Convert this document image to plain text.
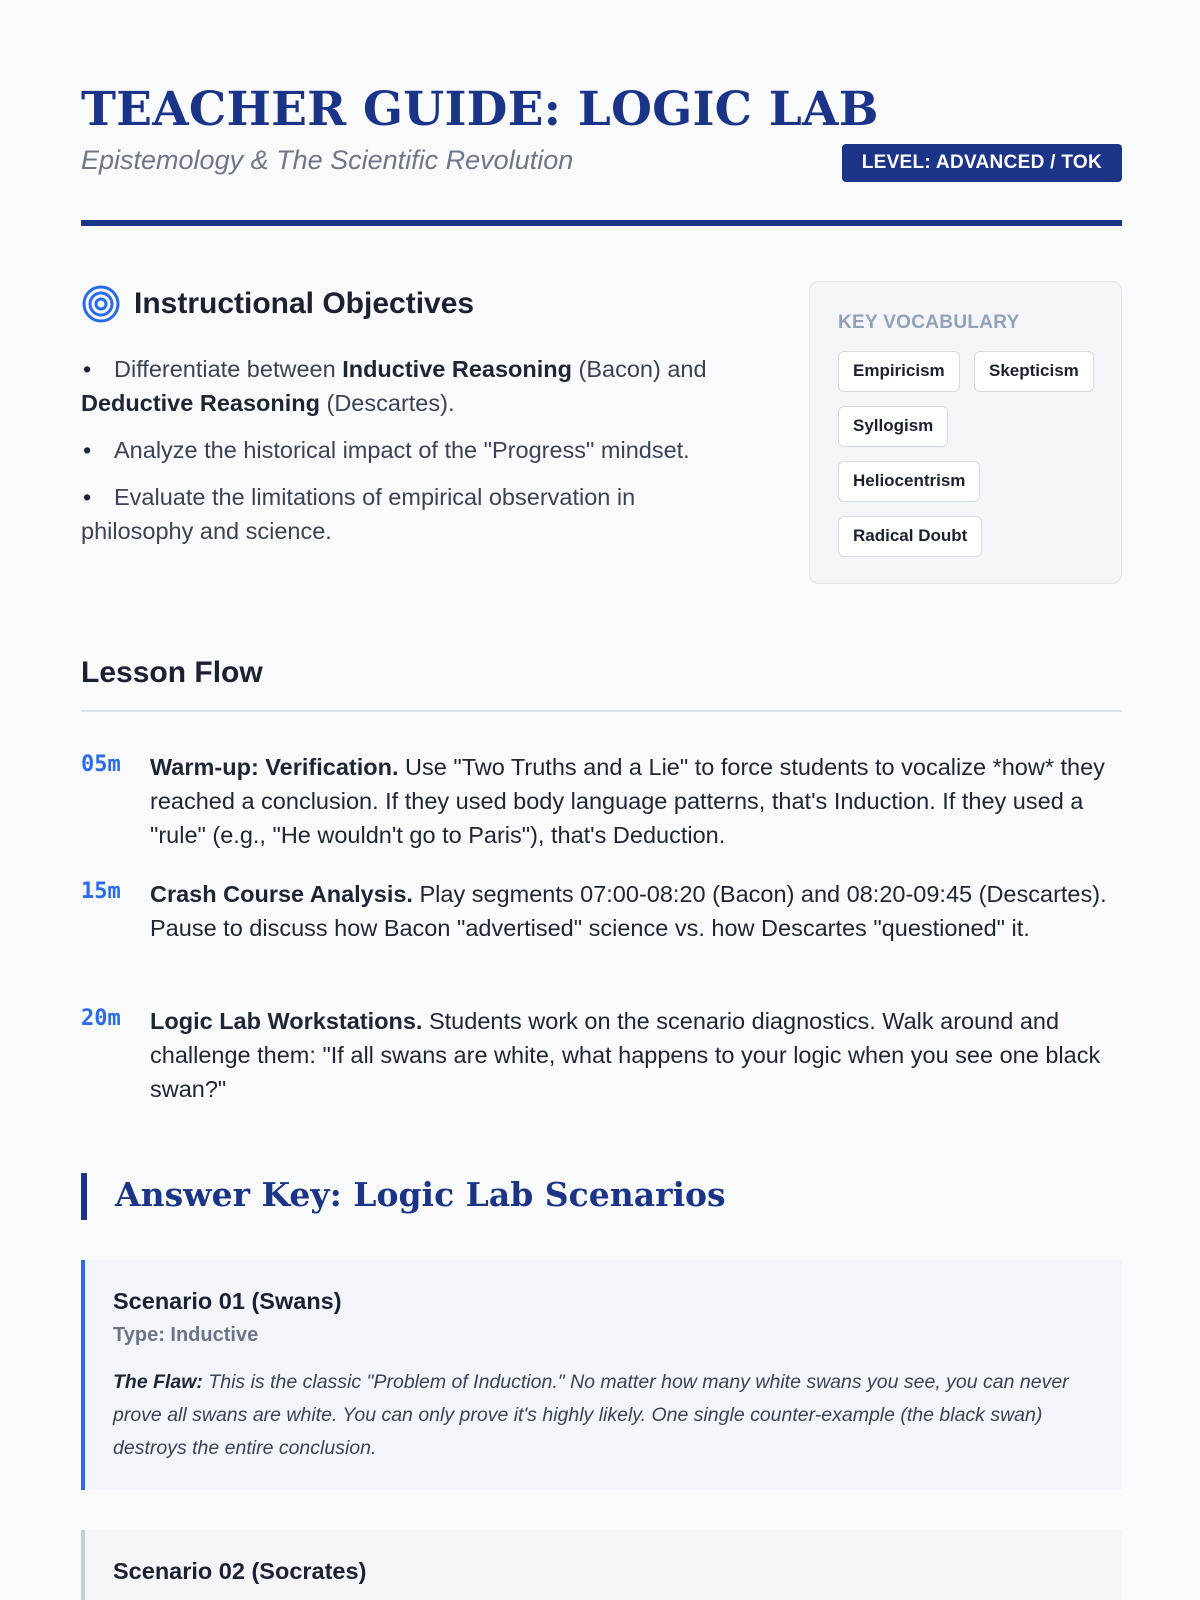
TEACHER GUIDE: LOGIC LAB
Epistemology & The Scientific Revolution	LEVEL: ADVANCED / TOK
Instructional Objectives
• Differentiate between Inductive Reasoning (Bacon) and Deductive Reasoning (Descartes).
• Analyze the historical impact of the "Progress" mindset.
• Evaluate the limitations of empirical observation in philosophy and science.
KEY VOCABULARY
Empiricism	Skepticism
Syllogism
Heliocentrism
Radical Doubt
Lesson Flow
05m Warm-up: Verification. Use "Two Truths and a Lie" to force students to vocalize *how* they reached a conclusion. If they used body language patterns, that's Induction. If they used a "rule" (e.g., "He wouldn't go to Paris"), that's Deduction.

15m Crash Course Analysis. Play segments 07:00-08:20 (Bacon) and 08:20-09:45 (Descartes). Pause to discuss how Bacon "advertised" science vs. how Descartes "questioned" it.

20m Logic Lab Workstations. Students work on the scenario diagnostics. Walk around and challenge them: "If all swans are white, what happens to your logic when you see one black swan?"

Answer Key: Logic Lab Scenarios
Scenario 01 (Swans)
Type: Inductive

The Flaw: This is the classic "Problem of Induction." No matter how many white swans you see, you can never prove all swans are white. You can only prove it's highly likely. One single counter-example (the black swan) destroys the entire conclusion.

Scenario 02 (Socrates)
